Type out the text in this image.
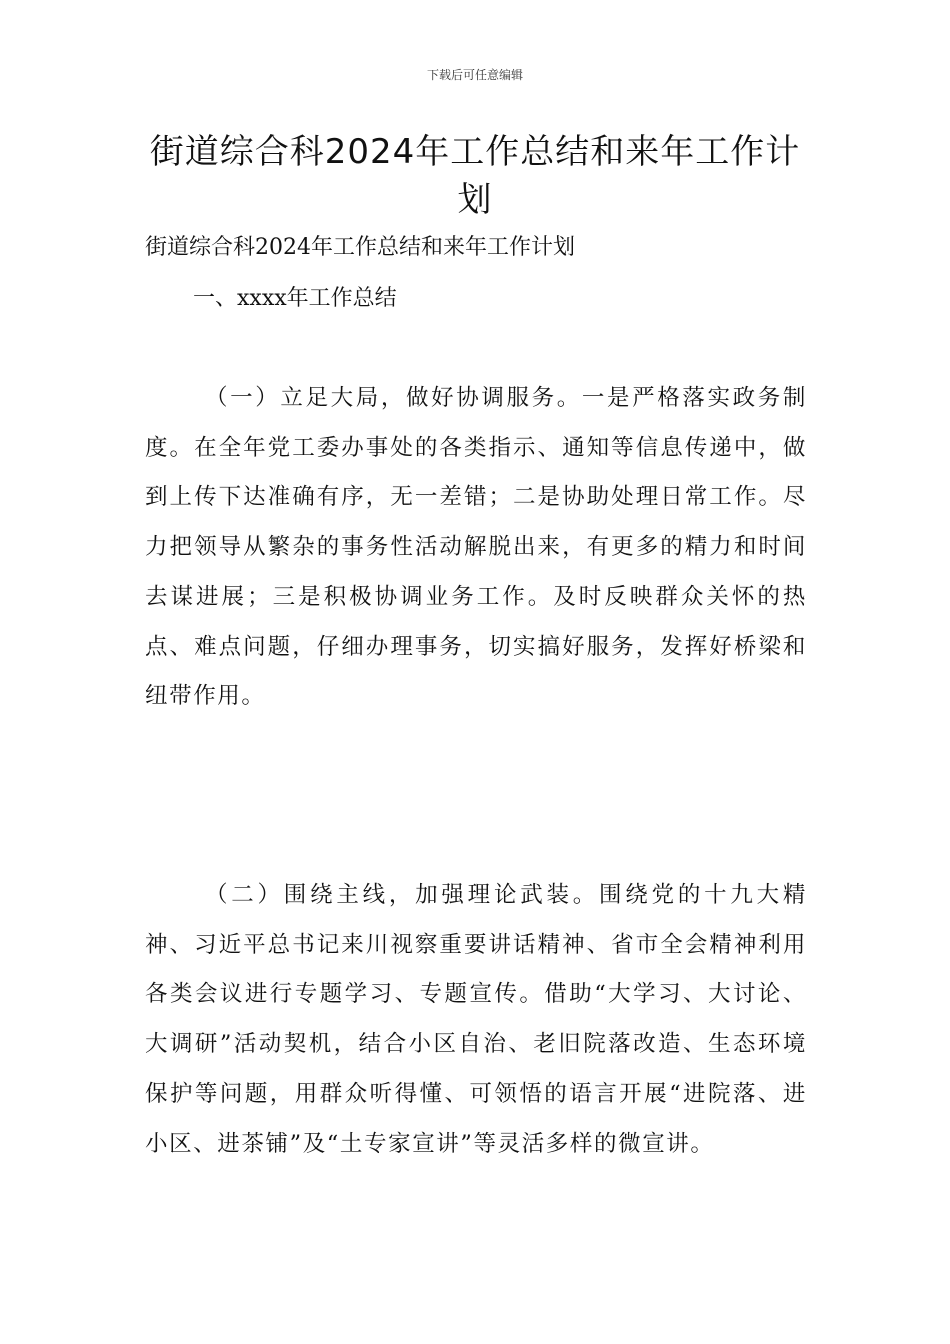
下载后可任意编辑
街道综合科2024年工作总结和来年工作计划
街道综合科2024年工作总结和来年工作计划
一、xxxx年工作总结

（一）立足大局，做好协调服务。一是严格落实政务制度。在全年党工委办事处的各类指示、通知等信息传递中，做到上传下达准确有序，无一差错；二是协助处理日常工作。尽力把领导从繁杂的事务性活动解脱出来，有更多的精力和时间去谋进展；三是积极协调业务工作。及时反映群众关怀的热点、难点问题，仔细办理事务，切实搞好服务，发挥好桥梁和纽带作用。

（二）围绕主线，加强理论武装。围绕党的十九大精神、习近平总书记来川视察重要讲话精神、省市全会精神利用各类会议进行专题学习、专题宣传。借助“大学习、大讨论、大调研”活动契机，结合小区自治、老旧院落改造、生态环境保护等问题，用群众听得懂、可领悟的语言开展“进院落、进小区、进茶铺”及“土专家宣讲”等灵活多样的微宣讲。
